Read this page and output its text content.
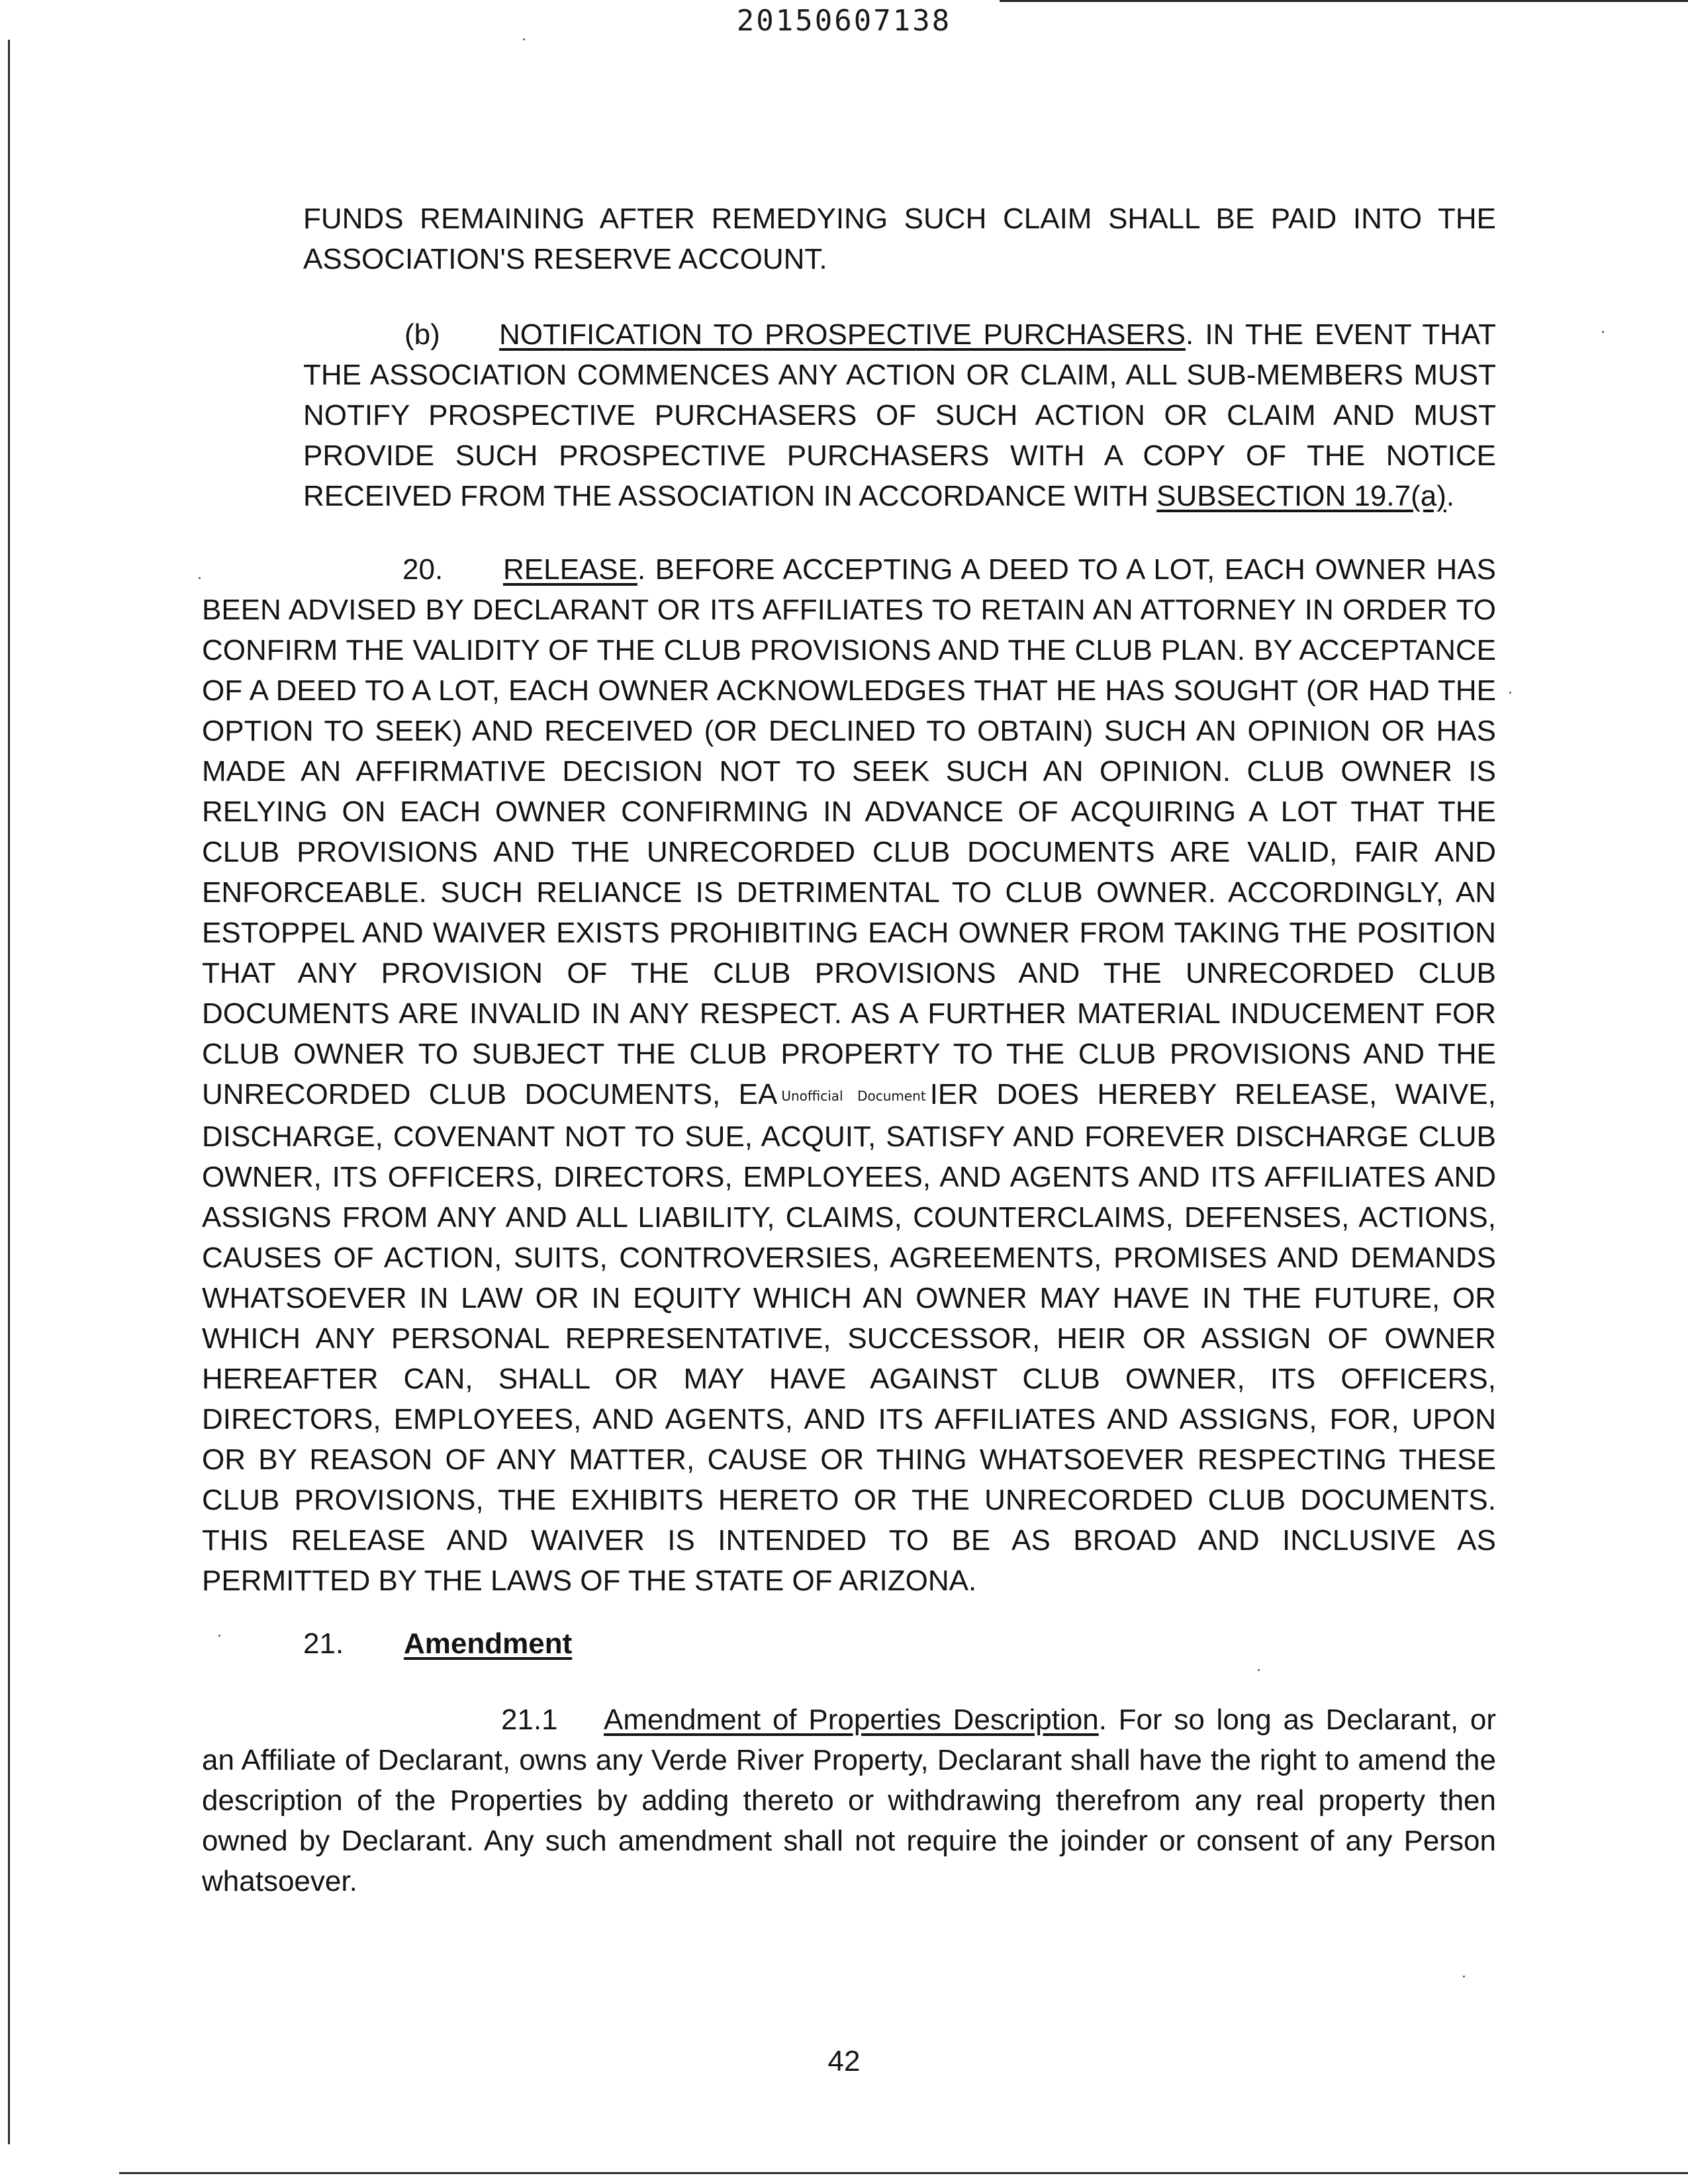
20150607138

FUNDS REMAINING AFTER REMEDYING SUCH CLAIM SHALL BE PAID INTO THE ASSOCIATION'S RESERVE ACCOUNT.

(b) NOTIFICATION TO PROSPECTIVE PURCHASERS. IN THE EVENT THAT THE ASSOCIATION COMMENCES ANY ACTION OR CLAIM, ALL SUB-MEMBERS MUST NOTIFY PROSPECTIVE PURCHASERS OF SUCH ACTION OR CLAIM AND MUST PROVIDE SUCH PROSPECTIVE PURCHASERS WITH A COPY OF THE NOTICE RECEIVED FROM THE ASSOCIATION IN ACCORDANCE WITH SUBSECTION 19.7(a).

20. RELEASE. BEFORE ACCEPTING A DEED TO A LOT, EACH OWNER HAS BEEN ADVISED BY DECLARANT OR ITS AFFILIATES TO RETAIN AN ATTORNEY IN ORDER TO CONFIRM THE VALIDITY OF THE CLUB PROVISIONS AND THE CLUB PLAN. BY ACCEPTANCE OF A DEED TO A LOT, EACH OWNER ACKNOWLEDGES THAT HE HAS SOUGHT (OR HAD THE OPTION TO SEEK) AND RECEIVED (OR DECLINED TO OBTAIN) SUCH AN OPINION OR HAS MADE AN AFFIRMATIVE DECISION NOT TO SEEK SUCH AN OPINION. CLUB OWNER IS RELYING ON EACH OWNER CONFIRMING IN ADVANCE OF ACQUIRING A LOT THAT THE CLUB PROVISIONS AND THE UNRECORDED CLUB DOCUMENTS ARE VALID, FAIR AND ENFORCEABLE. SUCH RELIANCE IS DETRIMENTAL TO CLUB OWNER. ACCORDINGLY, AN ESTOPPEL AND WAIVER EXISTS PROHIBITING EACH OWNER FROM TAKING THE POSITION THAT ANY PROVISION OF THE CLUB PROVISIONS AND THE UNRECORDED CLUB DOCUMENTS ARE INVALID IN ANY RESPECT. AS A FURTHER MATERIAL INDUCEMENT FOR CLUB OWNER TO SUBJECT THE CLUB PROPERTY TO THE CLUB PROVISIONS AND THE UNRECORDED CLUB DOCUMENTS, EA Unofficial Document IER DOES HEREBY RELEASE, WAIVE, DISCHARGE, COVENANT NOT TO SUE, ACQUIT, SATISFY AND FOREVER DISCHARGE CLUB OWNER, ITS OFFICERS, DIRECTORS, EMPLOYEES, AND AGENTS AND ITS AFFILIATES AND ASSIGNS FROM ANY AND ALL LIABILITY, CLAIMS, COUNTERCLAIMS, DEFENSES, ACTIONS, CAUSES OF ACTION, SUITS, CONTROVERSIES, AGREEMENTS, PROMISES AND DEMANDS WHATSOEVER IN LAW OR IN EQUITY WHICH AN OWNER MAY HAVE IN THE FUTURE, OR WHICH ANY PERSONAL REPRESENTATIVE, SUCCESSOR, HEIR OR ASSIGN OF OWNER HEREAFTER CAN, SHALL OR MAY HAVE AGAINST CLUB OWNER, ITS OFFICERS, DIRECTORS, EMPLOYEES, AND AGENTS, AND ITS AFFILIATES AND ASSIGNS, FOR, UPON OR BY REASON OF ANY MATTER, CAUSE OR THING WHATSOEVER RESPECTING THESE CLUB PROVISIONS, THE EXHIBITS HERETO OR THE UNRECORDED CLUB DOCUMENTS. THIS RELEASE AND WAIVER IS INTENDED TO BE AS BROAD AND INCLUSIVE AS PERMITTED BY THE LAWS OF THE STATE OF ARIZONA.

21. Amendment

21.1 Amendment of Properties Description. For so long as Declarant, or an Affiliate of Declarant, owns any Verde River Property, Declarant shall have the right to amend the description of the Properties by adding thereto or withdrawing therefrom any real property then owned by Declarant. Any such amendment shall not require the joinder or consent of any Person whatsoever.

42
